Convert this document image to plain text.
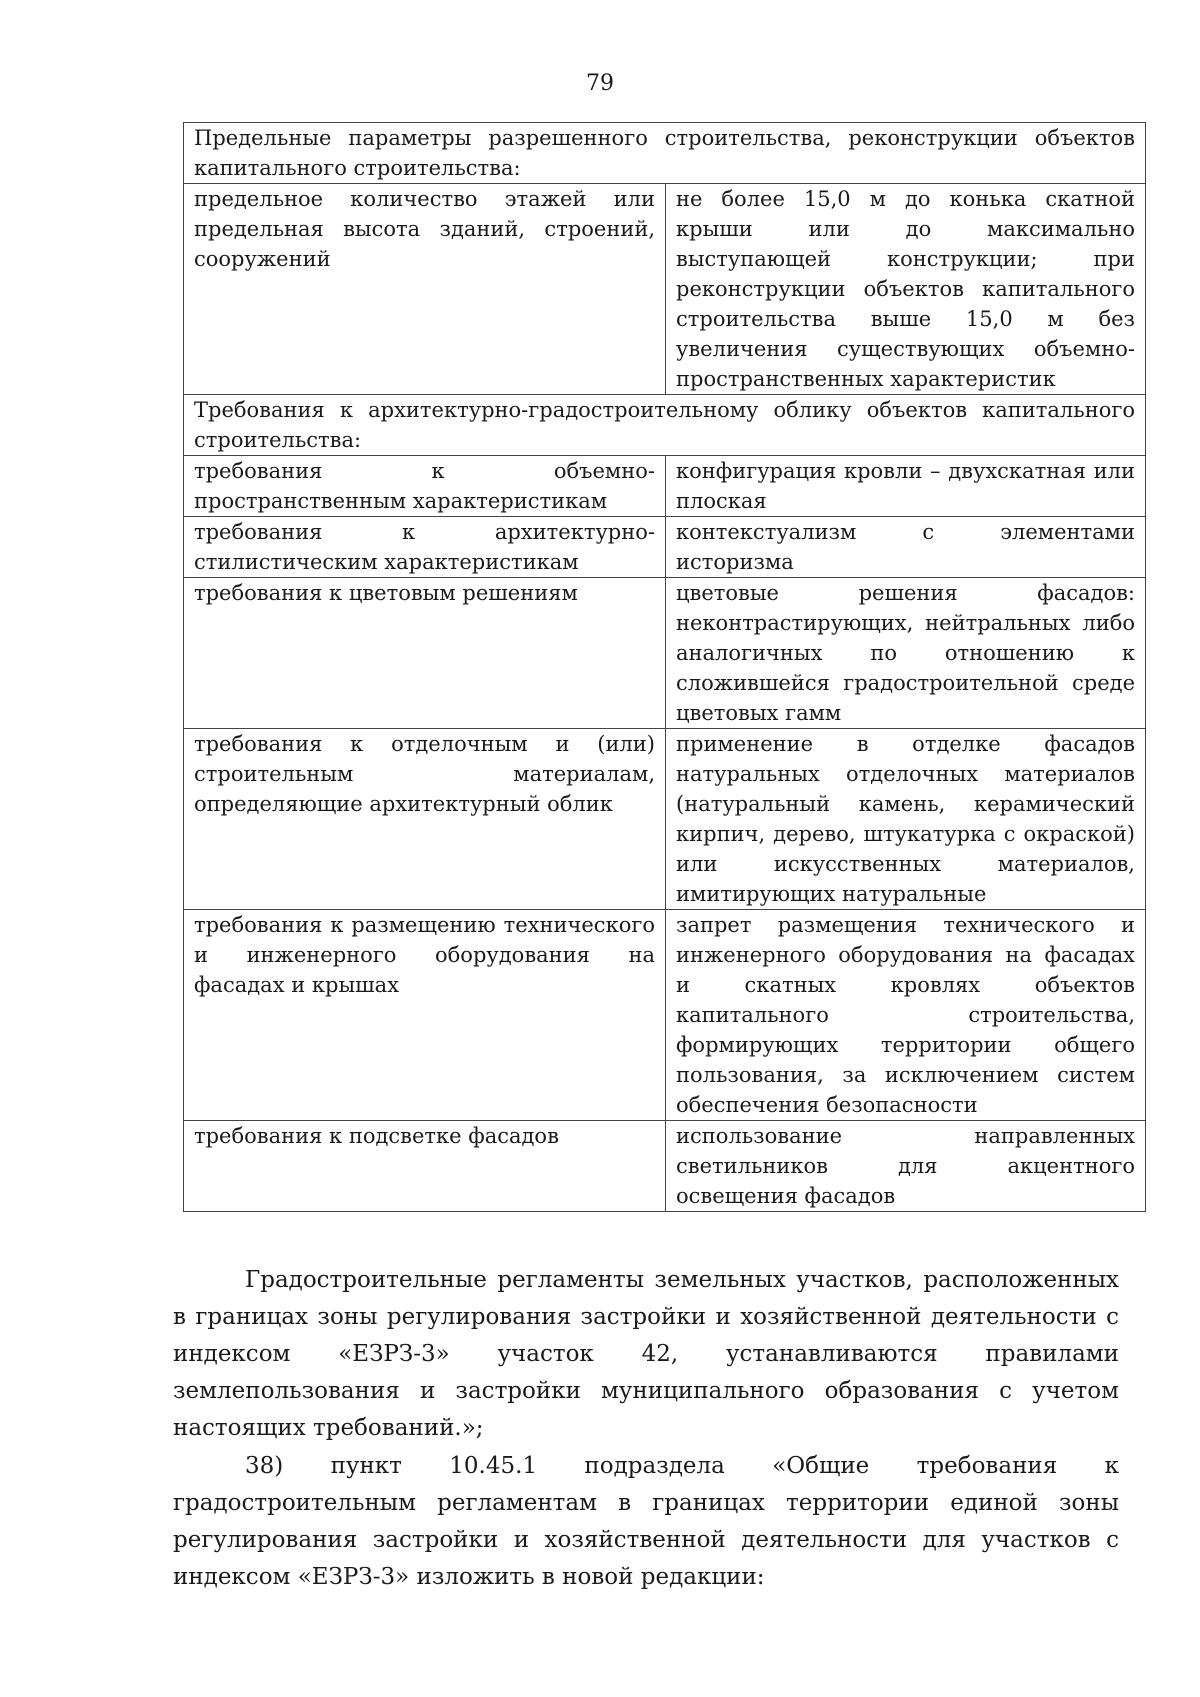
79
Предельные параметры разрешенного строительства, реконструкции объектов капитального строительства:	
предельное количество этажей или предельная высота зданий, строений, сооружений	не более 15,0 м до конька скатной крыши или до максимально выступающей конструкции; при реконструкции объектов капитального строительства выше 15,0 м без увеличения существующих объемно-пространственных характеристик
Требования к архитектурно-градостроительному облику объектов капитального строительства:	
требования к объемно-пространственным характеристикам	конфигурация кровли – двухскатная или плоская
требования к архитектурно-стилистическим характеристикам	контекстуализм с элементами историзма
требования к цветовым решениям	цветовые решения фасадов: неконтрастирующих, нейтральных либо аналогичных по отношению к сложившейся градостроительной среде цветовых гамм
требования к отделочным и (или) строительным материалам, определяющие архитектурный облик	применение в отделке фасадов натуральных отделочных материалов (натуральный камень, керамический кирпич, дерево, штукатурка с окраской) или искусственных материалов, имитирующих натуральные
требования к размещению технического и инженерного оборудования на фасадах и крышах	запрет размещения технического и инженерного оборудования на фасадах и скатных кровлях объектов капитального строительства, формирующих территории общего пользования, за исключением систем обеспечения безопасности
требования к подсветке фасадов	использование направленных светильников для акцентного освещения фасадов

Градостроительные регламенты земельных участков, расположенных в границах зоны регулирования застройки и хозяйственной деятельности с индексом «ЕЗРЗ-3» участок 42, устанавливаются правилами землепользования и застройки муниципального образования с учетом настоящих требований.»;

38) пункт 10.45.1 подраздела «Общие требования к градостроительным регламентам в границах территории единой зоны регулирования застройки и хозяйственной деятельности для участков с индексом «ЕЗРЗ-3» изложить в новой редакции:
